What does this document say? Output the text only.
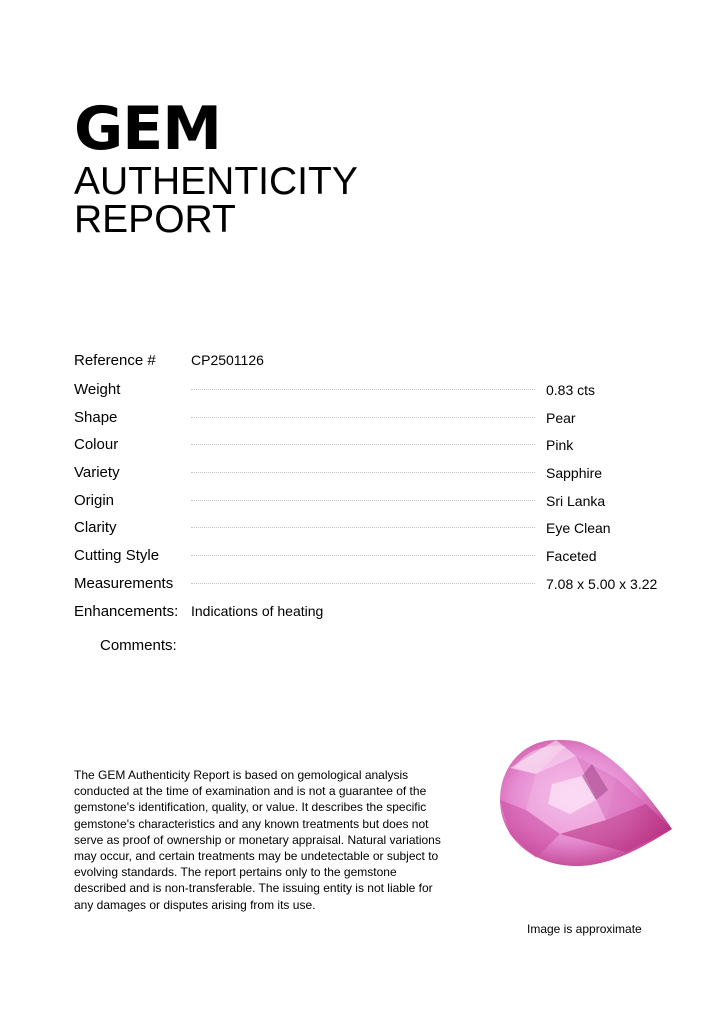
GEM
AUTHENTICITY
REPORT
Reference #	CP2501126
Weight	0.83 cts
Shape	Pear
Colour	Pink
Variety	Sapphire
Origin	Sri Lanka
Clarity	Eye Clean
Cutting Style	Faceted
Measurements	7.08 x 5.00 x 3.22
Enhancements: Indications of heating
Comments:

The GEM Authenticity Report is based on gemological analysis conducted at the time of examination and is not a guarantee of the gemstone's identification, quality, or value. It describes the specific gemstone's characteristics and any known treatments but does not serve as proof of ownership or monetary appraisal. Natural variations may occur, and certain treatments may be undetectable or subject to evolving standards. The report pertains only to the gemstone described and is non-transferable. The issuing entity is not liable for any damages or disputes arising from its use.

Image is approximate
